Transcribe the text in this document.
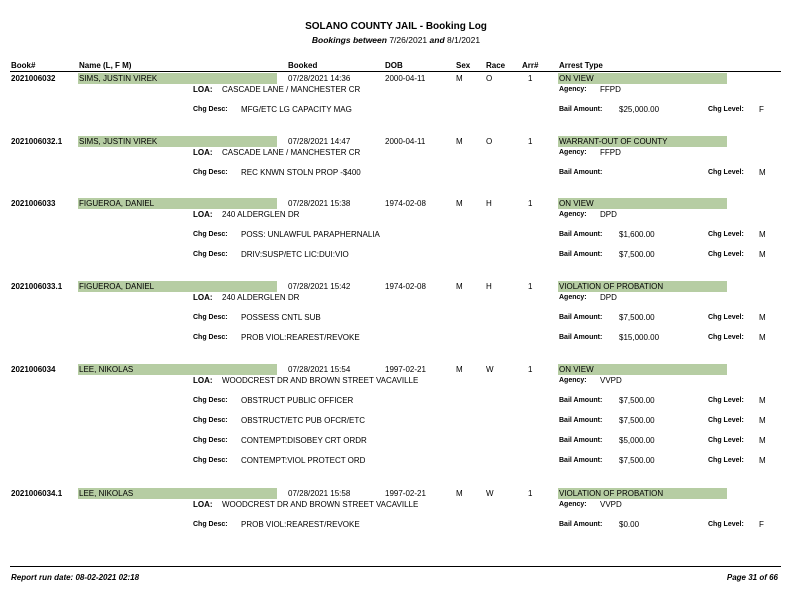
SOLANO COUNTY JAIL - Booking Log
Bookings between 7/26/2021 and 8/1/2021
Book#	Name (L, F M)	Booked	DOB	Sex Race Arr#	Arrest Type
2021006032	SIMS, JUSTIN VIREK	07/28/2021 14:36	2000-04-11	M	O	1	ON VIEW
LOA: CASCADE LANE / MANCHESTER CR	Agency: FFPD
Chg Desc: MFG/ETC LG CAPACITY MAG	Bail Amount: $25,000.00	Chg Level: F
2021006032.1 SIMS, JUSTIN VIREK	07/28/2021 14:47	2000-04-11	M	O	1	WARRANT-OUT OF COUNTY
LOA: CASCADE LANE / MANCHESTER CR	Agency: FFPD
Chg Desc: REC KNWN STOLN PROP -$400	Bail Amount:	Chg Level: M
2021006033	FIGUEROA, DANIEL	07/28/2021 15:38	1974-02-08	M	H	1	ON VIEW
LOA: 240 ALDERGLEN DR	Agency: DPD
Chg Desc: POSS: UNLAWFUL PARAPHERNALIA	Bail Amount: $1,600.00	Chg Level: M
Chg Desc: DRIV:SUSP/ETC LIC:DUI:VIO	Bail Amount: $7,500.00	Chg Level: M
2021006033.1 FIGUEROA, DANIEL	07/28/2021 15:42	1974-02-08	M	H	1	VIOLATION OF PROBATION
LOA: 240 ALDERGLEN DR	Agency: DPD
Chg Desc: POSSESS CNTL SUB	Bail Amount: $7,500.00	Chg Level: M
Chg Desc: PROB VIOL:REAREST/REVOKE	Bail Amount: $15,000.00	Chg Level: M
2021006034	LEE, NIKOLAS	07/28/2021 15:54	1997-02-21	M	W	1	ON VIEW
LOA: WOODCREST DR AND BROWN STREET VACAVILLE	Agency: VVPD
Chg Desc: OBSTRUCT PUBLIC OFFICER	Bail Amount: $7,500.00	Chg Level: M
Chg Desc: OBSTRUCT/ETC PUB OFCR/ETC	Bail Amount: $7,500.00	Chg Level: M
Chg Desc: CONTEMPT:DISOBEY CRT ORDR	Bail Amount: $5,000.00	Chg Level: M
Chg Desc: CONTEMPT:VIOL PROTECT ORD	Bail Amount: $7,500.00	Chg Level: M
2021006034.1 LEE, NIKOLAS	07/28/2021 15:58	1997-02-21	M	W	1	VIOLATION OF PROBATION
LOA: WOODCREST DR AND BROWN STREET VACAVILLE	Agency: VVPD
Chg Desc: PROB VIOL:REAREST/REVOKE	Bail Amount: $0.00	Chg Level: F
Report run date: 08-02-2021 02:18	Page 31 of 66
